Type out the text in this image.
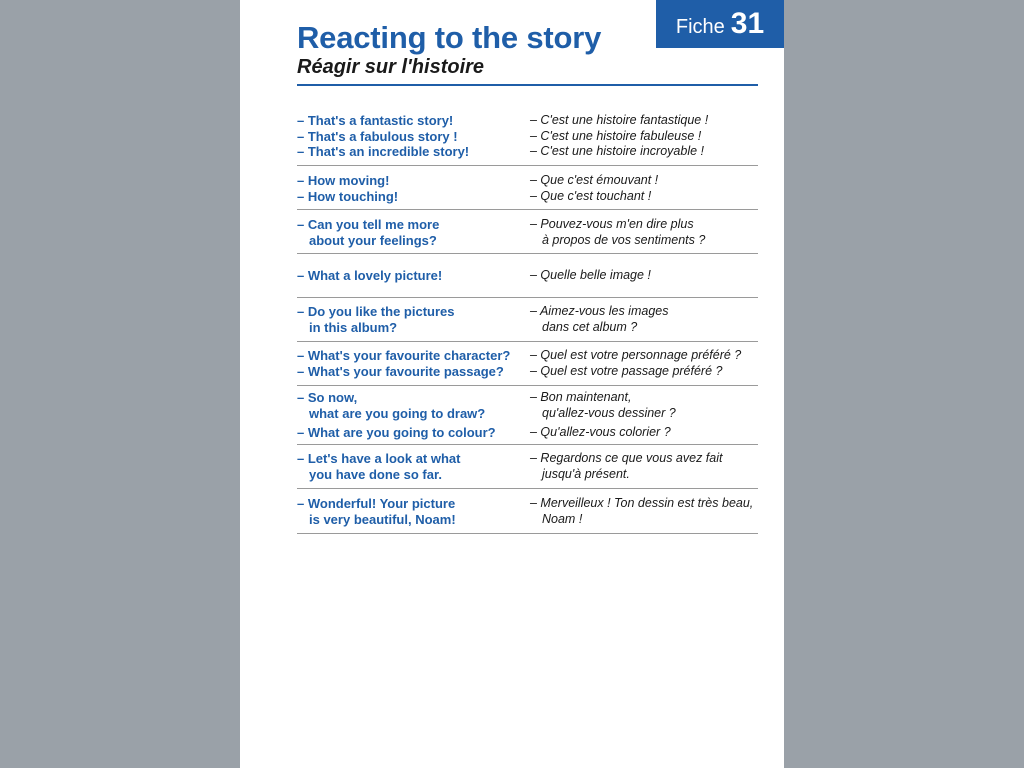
Fiche 31
Reacting to the story
Réagir sur l'histoire
– That's a fantastic story!
– That's a fabulous story !
– That's an incredible story!
– C'est une histoire fantastique !
– C'est une histoire fabuleuse !
– C'est une histoire incroyable !
– How moving!
– How touching!
– Que c'est émouvant !
– Que c'est touchant !
– Can you tell me more
about your feelings?
– Pouvez-vous m'en dire plus
à propos de vos sentiments ?
– What a lovely picture!	– Quelle belle image !
– Do you like the pictures
in this album?
– Aimez-vous les images
dans cet album ?
– What's your favourite character?
– What's your favourite passage?
– Quel est votre personnage préféré ?
– Quel est votre passage préféré ?
– So now,
what are you going to draw?
– What are you going to colour?
– Bon maintenant,
qu'allez-vous dessiner ?
– Qu'allez-vous colorier ?
– Let's have a look at what
you have done so far.
– Regardons ce que vous avez fait
jusqu'à présent.
– Wonderful! Your picture
is very beautiful, Noam!
– Merveilleux ! Ton dessin est très beau,
Noam !
